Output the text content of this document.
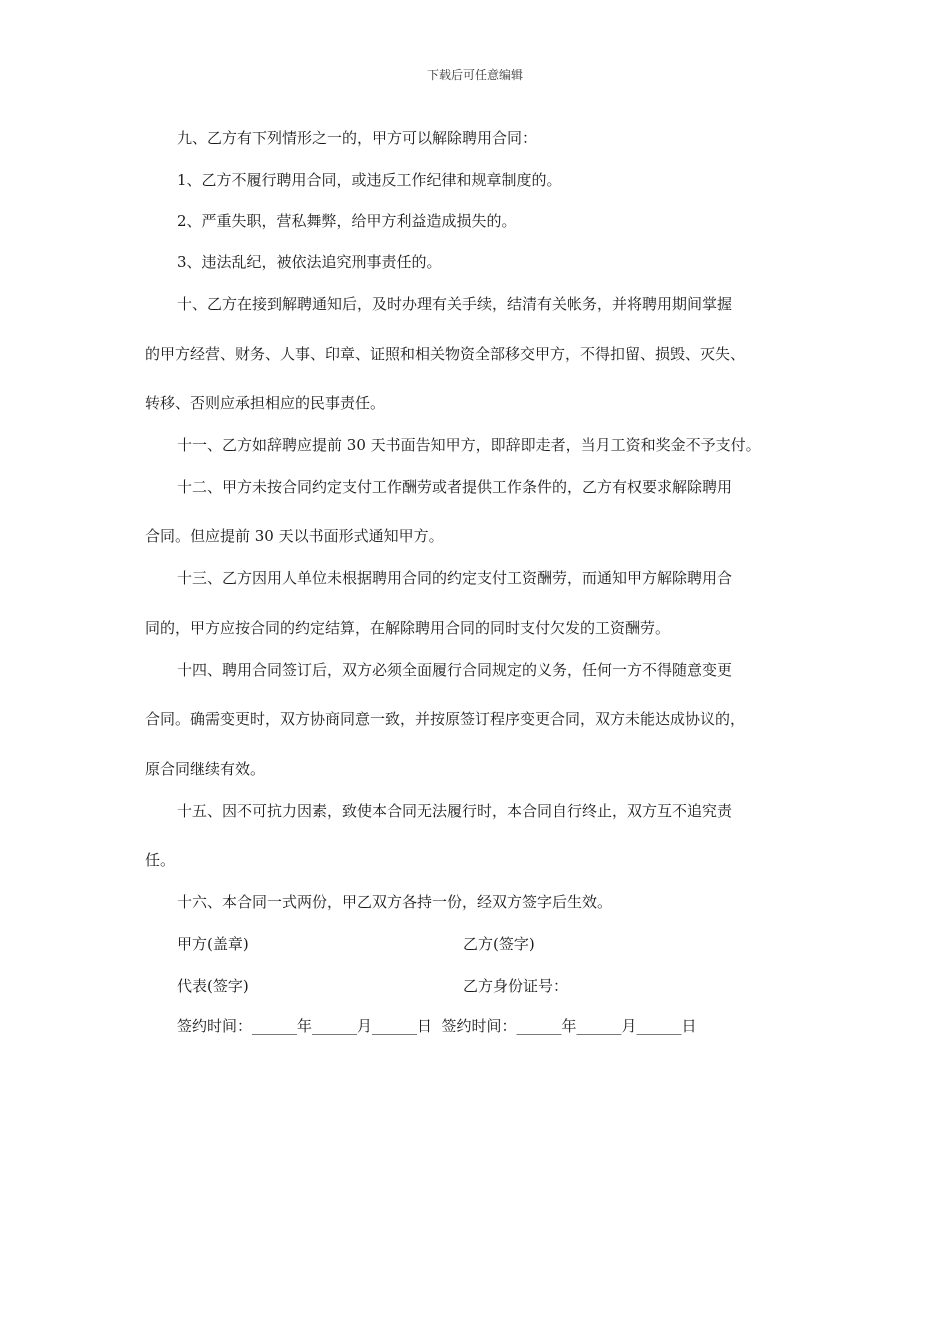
下载后可任意编辑
九、乙方有下列情形之一的，甲方可以解除聘用合同：
1、乙方不履行聘用合同，或违反工作纪律和规章制度的。
2、严重失职，营私舞弊，给甲方利益造成损失的。
3、违法乱纪，被依法追究刑事责任的。
十、乙方在接到解聘通知后，及时办理有关手续，结清有关帐务，并将聘用期间掌握
的甲方经营、财务、人事、印章、证照和相关物资全部移交甲方，不得扣留、损毁、灭失、
转移、否则应承担相应的民事责任。
十一、乙方如辞聘应提前 30 天书面告知甲方，即辞即走者，当月工资和奖金不予支付。
十二、甲方未按合同约定支付工作酬劳或者提供工作条件的，乙方有权要求解除聘用
合同。但应提前 30 天以书面形式通知甲方。
十三、乙方因用人单位未根据聘用合同的约定支付工资酬劳，而通知甲方解除聘用合
同的，甲方应按合同的约定结算，在解除聘用合同的同时支付欠发的工资酬劳。
十四、聘用合同签订后，双方必须全面履行合同规定的义务，任何一方不得随意变更
合同。确需变更时，双方协商同意一致，并按原签订程序变更合同，双方未能达成协议的，
原合同继续有效。
十五、因不可抗力因素，致使本合同无法履行时，本合同自行终止，双方互不追究责
任。
十六、本合同一式两份，甲乙双方各持一份，经双方签字后生效。
甲方(盖章)	乙方(签字)
代表(签字)	乙方身份证号：
签约时间：______年______月______日  签约时间：______年______月______日
